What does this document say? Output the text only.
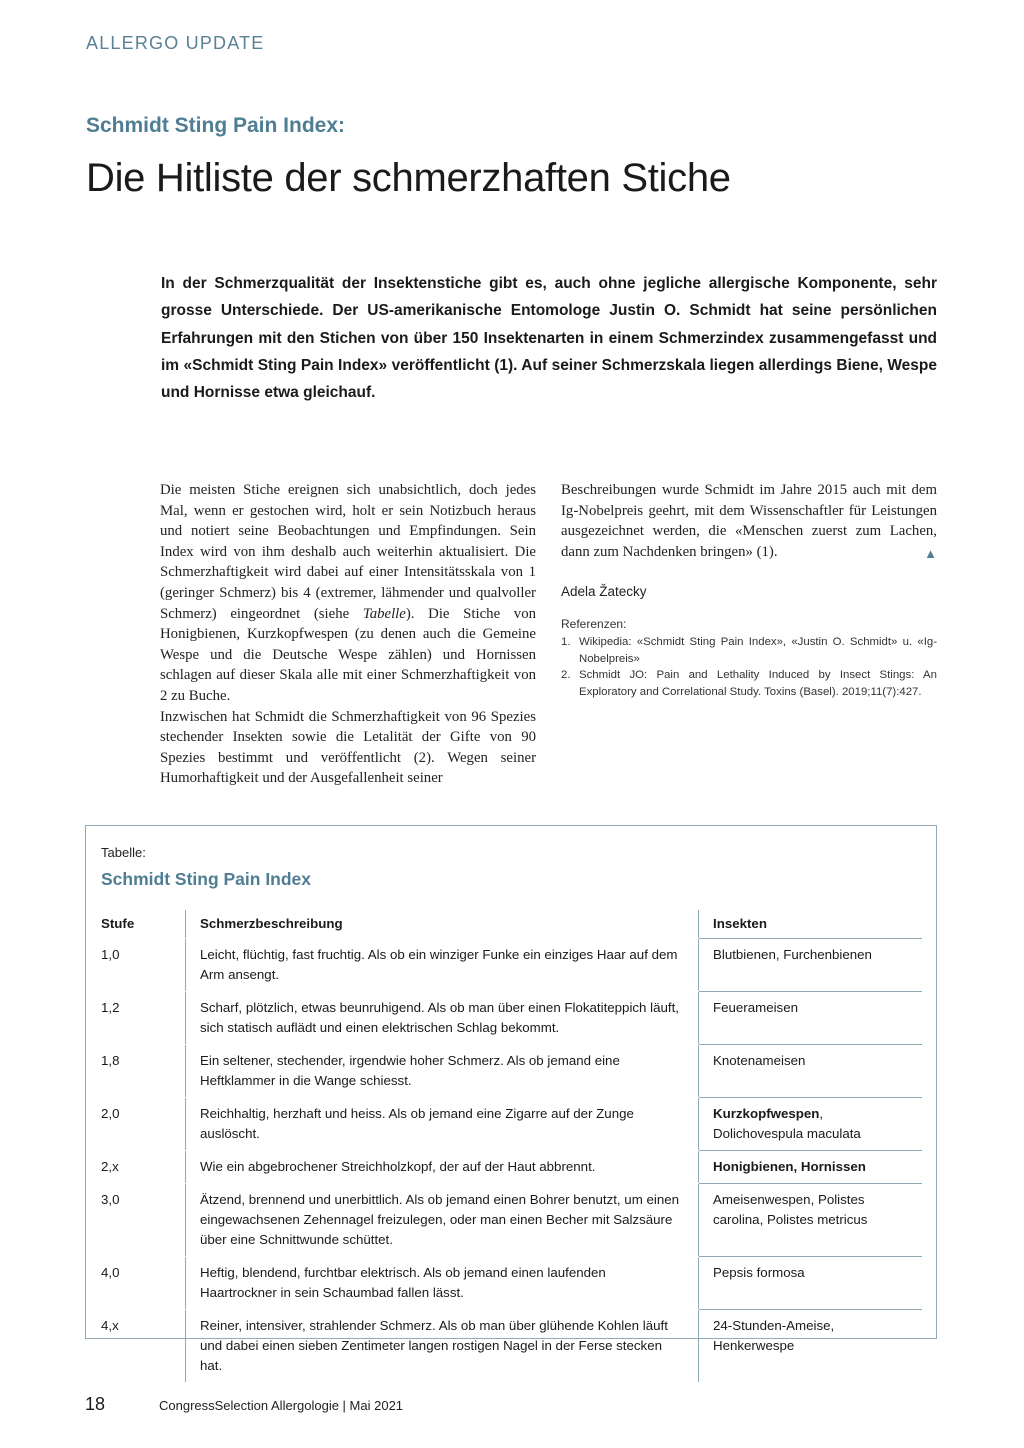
ALLERGO UPDATE
Schmidt Sting Pain Index:
Die Hitliste der schmerzhaften Stiche
In der Schmerzqualität der Insektenstiche gibt es, auch ohne jegliche allergische Komponente, sehr grosse Unterschiede. Der US-amerikanische Entomologe Justin O. Schmidt hat seine persönlichen Erfahrungen mit den Stichen von über 150 Insektenarten in einem Schmerzindex zusammengefasst und im «Schmidt Sting Pain Index» veröffentlicht (1). Auf seiner Schmerzskala liegen allerdings Biene, Wespe und Hornisse etwa gleichauf.

Die meisten Stiche ereignen sich unabsichtlich, doch jedes Mal, wenn er gestochen wird, holt er sein Notizbuch heraus und notiert seine Beobachtungen und Empfindungen. Sein Index wird von ihm deshalb auch weiterhin aktualisiert. Die Schmerzhaftigkeit wird dabei auf einer Intensitätsskala von 1 (geringer Schmerz) bis 4 (extremer, lähmender und qualvoller Schmerz) eingeordnet (siehe Tabelle). Die Stiche von Honigbienen, Kurzkopfwespen (zu denen auch die Gemeine Wespe und die Deutsche Wespe zählen) und Hornissen schlagen auf dieser Skala alle mit einer Schmerzhaftigkeit von 2 zu Buche.

Inzwischen hat Schmidt die Schmerzhaftigkeit von 96 Spezies stechender Insekten sowie die Letalität der Gifte von 90 Spezies bestimmt und veröffentlicht (2). Wegen seiner Humorhaftigkeit und der Ausgefallenheit seiner

Beschreibungen wurde Schmidt im Jahre 2015 auch mit dem Ig-Nobelpreis geehrt, mit dem Wissenschaftler für Leistungen ausgezeichnet werden, die «Menschen zuerst zum Lachen, dann zum Nachdenken bringen» (1).	▲

Adela Žatecky
Referenzen:
1. Wikipedia: «Schmidt Sting Pain Index», «Justin O. Schmidt» u. «Ig-Nobelpreis»
2. Schmidt JO: Pain and Lethality Induced by Insect Stings: An Exploratory and Correlational Study. Toxins (Basel). 2019;11(7):427.
Tabelle:
Schmidt Sting Pain Index
Stufe	Schmerzbeschreibung	Insekten
1,0	Leicht, flüchtig, fast fruchtig. Als ob ein winziger Funke ein einziges Haar auf dem Arm ansengt.	Blutbienen, Furchenbienen
1,2	Scharf, plötzlich, etwas beunruhigend. Als ob man über einen Flokatiteppich läuft, sich statisch auflädt und einen elektrischen Schlag bekommt.	Feuerameisen
1,8	Ein seltener, stechender, irgendwie hoher Schmerz. Als ob jemand eine Heftklammer in die Wange schiesst.	Knotenameisen
2,0	Reichhaltig, herzhaft und heiss. Als ob jemand eine Zigarre auf der Zunge auslöscht.	Kurzkopfwespen, Dolichovespula maculata
2,x	Wie ein abgebrochener Streichholzkopf, der auf der Haut abbrennt.	Honigbienen, Hornissen
3,0	Ätzend, brennend und unerbittlich. Als ob jemand einen Bohrer benutzt, um einen eingewachsenen Zehennagel freizulegen, oder man einen Becher mit Salzsäure über eine Schnittwunde schüttet.	Ameisenwespen, Polistes carolina, Polistes metricus
4,0	Heftig, blendend, furchtbar elektrisch. Als ob jemand einen laufenden Haartrockner in sein Schaumbad fallen lässt.	Pepsis formosa
4,x	Reiner, intensiver, strahlender Schmerz. Als ob man über glühende Kohlen läuft und dabei einen sieben Zentimeter langen rostigen Nagel in der Ferse stecken hat.	24-Stunden-Ameise, Henkerwespe
18	CongressSelection Allergologie | Mai 2021
